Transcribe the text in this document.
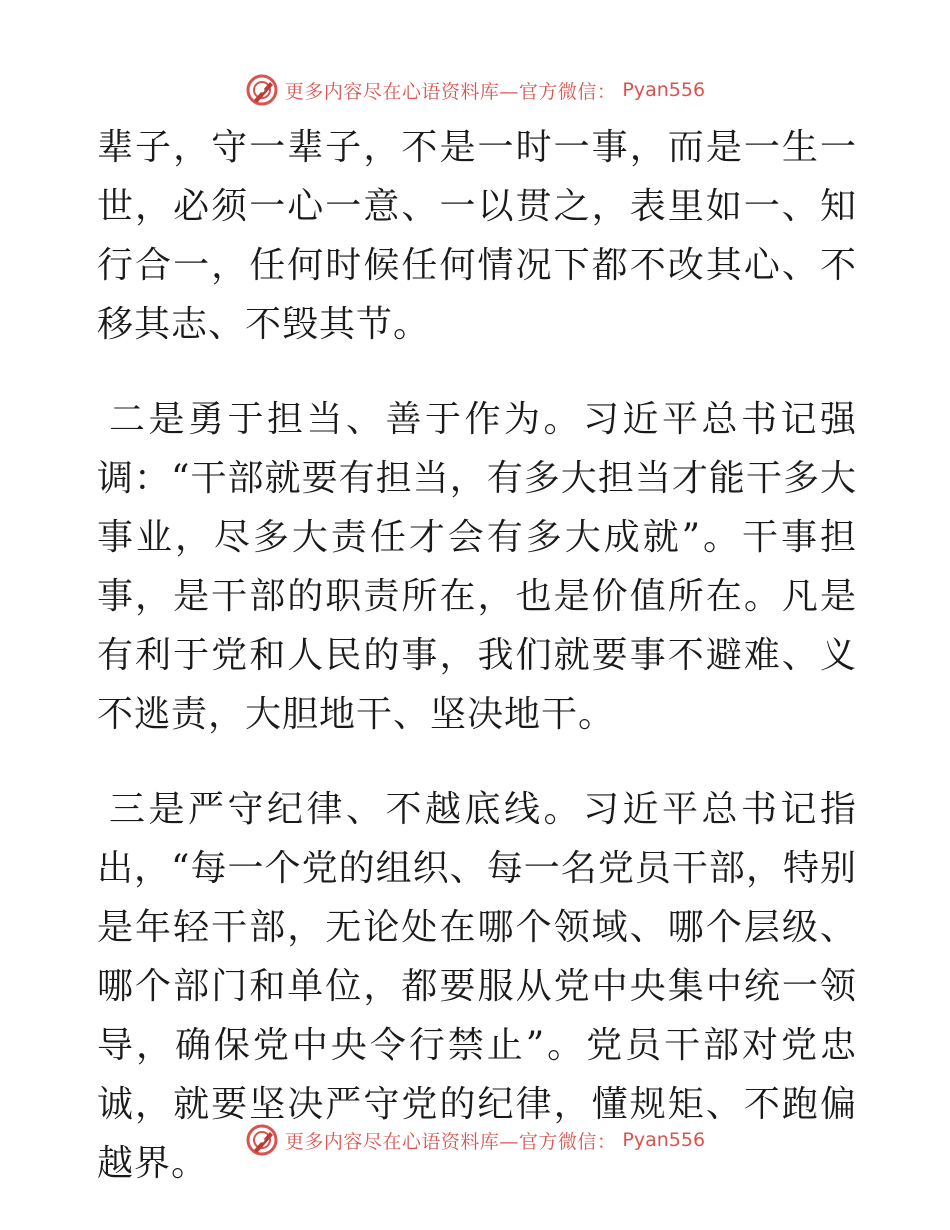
更多内容尽在心语资料库—官方微信： Pyan556

辈子，守一辈子，不是一时一事，而是一生一世，必须一心一意、一以贯之，表里如一、知行合一，任何时候任何情况下都不改其心、不移其志、不毁其节。

二是勇于担当、善于作为。习近平总书记强调：“干部就要有担当，有多大担当才能干多大事业，尽多大责任才会有多大成就”。干事担事，是干部的职责所在，也是价值所在。凡是有利于党和人民的事，我们就要事不避难、义不逃责，大胆地干、坚决地干。

三是严守纪律、不越底线。习近平总书记指出，“每一个党的组织、每一名党员干部，特别是年轻干部，无论处在哪个领域、哪个层级、哪个部门和单位，都要服从党中央集中统一领导，确保党中央令行禁止”。党员干部对党忠诚，就要坚决严守党的纪律，懂规矩、不跑偏越界。

更多内容尽在心语资料库—官方微信： Pyan556
